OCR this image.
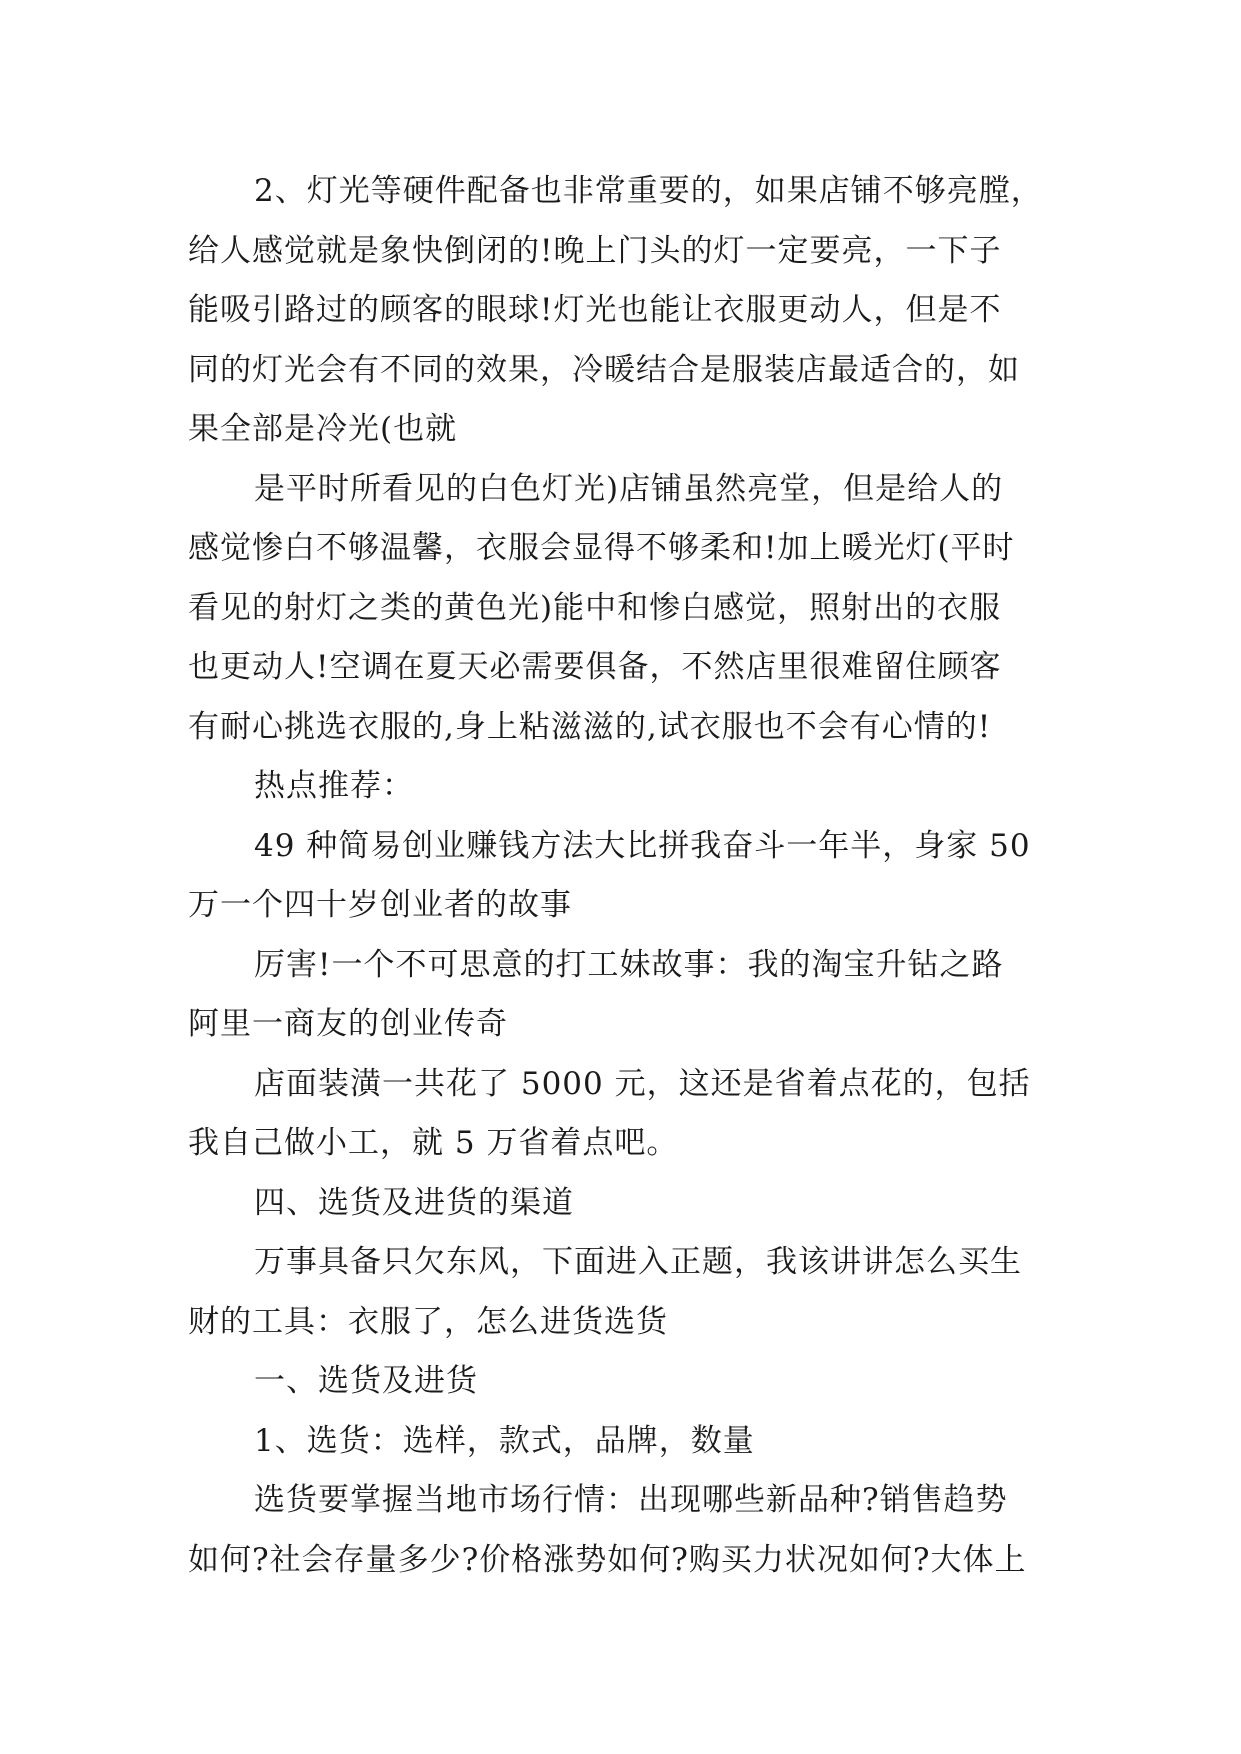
2、灯光等硬件配备也非常重要的，如果店铺不够亮膛，
给人感觉就是象快倒闭的!晚上门头的灯一定要亮，一下子
能吸引路过的顾客的眼球!灯光也能让衣服更动人，但是不
同的灯光会有不同的效果，冷暖结合是服装店最适合的，如
果全部是冷光(也就
是平时所看见的白色灯光)店铺虽然亮堂，但是给人的
感觉惨白不够温馨，衣服会显得不够柔和!加上暖光灯(平时
看见的射灯之类的黄色光)能中和惨白感觉，照射出的衣服
也更动人!空调在夏天必需要俱备，不然店里很难留住顾客
有耐心挑选衣服的,身上粘滋滋的,试衣服也不会有心情的!
热点推荐：
49 种简易创业赚钱方法大比拼我奋斗一年半，身家 50
万一个四十岁创业者的故事
厉害!一个不可思意的打工妹故事：我的淘宝升钻之路
阿里一商友的创业传奇
店面装潢一共花了 5000 元，这还是省着点花的，包括
我自己做小工，就 5 万省着点吧。
四、选货及进货的渠道
万事具备只欠东风，下面进入正题，我该讲讲怎么买生
财的工具：衣服了，怎么进货选货
一、选货及进货
1、选货：选样，款式，品牌，数量
选货要掌握当地市场行情：出现哪些新品种?销售趋势
如何?社会存量多少?价格涨势如何?购买力状况如何?大体上
